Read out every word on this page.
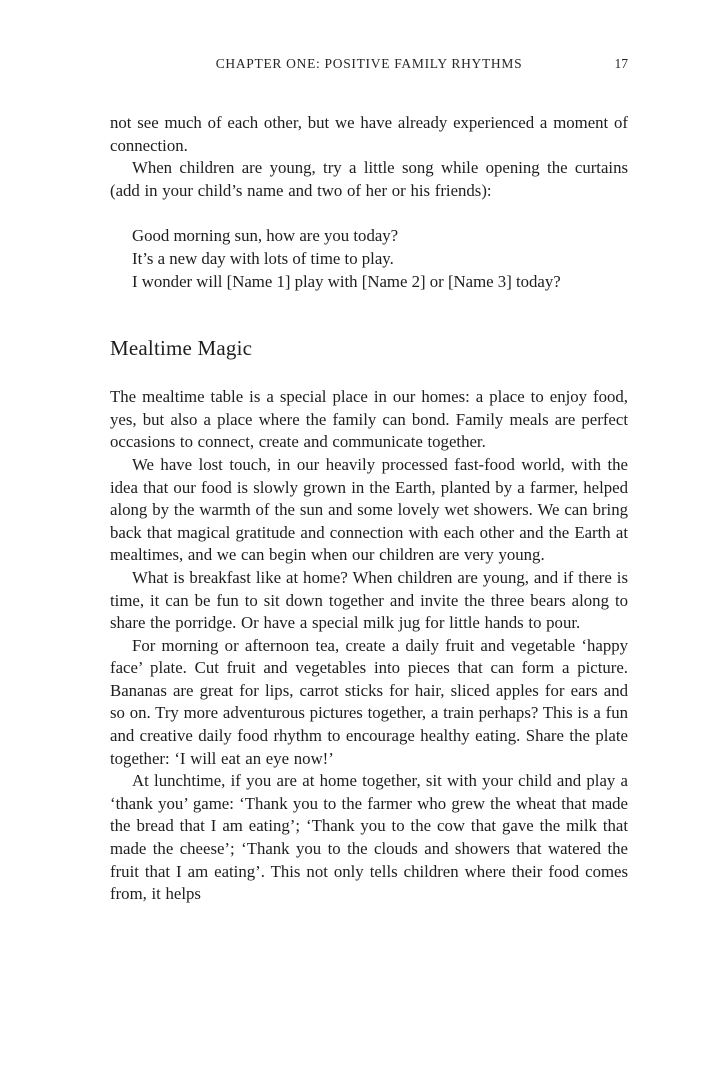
CHAPTER ONE: POSITIVE FAMILY RHYTHMS	17

not see much of each other, but we have already experienced a moment of connection.

When children are young, try a little song while opening the curtains (add in your child’s name and two of her or his friends):

Good morning sun, how are you today?
It’s a new day with lots of time to play.
I wonder will [Name 1] play with [Name 2] or [Name 3] today?
Mealtime Magic

The mealtime table is a special place in our homes: a place to enjoy food, yes, but also a place where the family can bond. Family meals are perfect occasions to connect, create and communicate together.

We have lost touch, in our heavily processed fast-food world, with the idea that our food is slowly grown in the Earth, planted by a farmer, helped along by the warmth of the sun and some lovely wet showers. We can bring back that magical gratitude and connection with each other and the Earth at mealtimes, and we can begin when our children are very young.

What is breakfast like at home? When children are young, and if there is time, it can be fun to sit down together and invite the three bears along to share the porridge. Or have a special milk jug for little hands to pour.

For morning or afternoon tea, create a daily fruit and vegetable ‘happy face’ plate. Cut fruit and vegetables into pieces that can form a picture. Bananas are great for lips, carrot sticks for hair, sliced apples for ears and so on. Try more adventurous pictures together, a train perhaps? This is a fun and creative daily food rhythm to encourage healthy eating. Share the plate together: ‘I will eat an eye now!’

At lunchtime, if you are at home together, sit with your child and play a ‘thank you’ game: ‘Thank you to the farmer who grew the wheat that made the bread that I am eating’; ‘Thank you to the cow that gave the milk that made the cheese’; ‘Thank you to the clouds and showers that watered the fruit that I am eating’. This not only tells children where their food comes from, it helps
